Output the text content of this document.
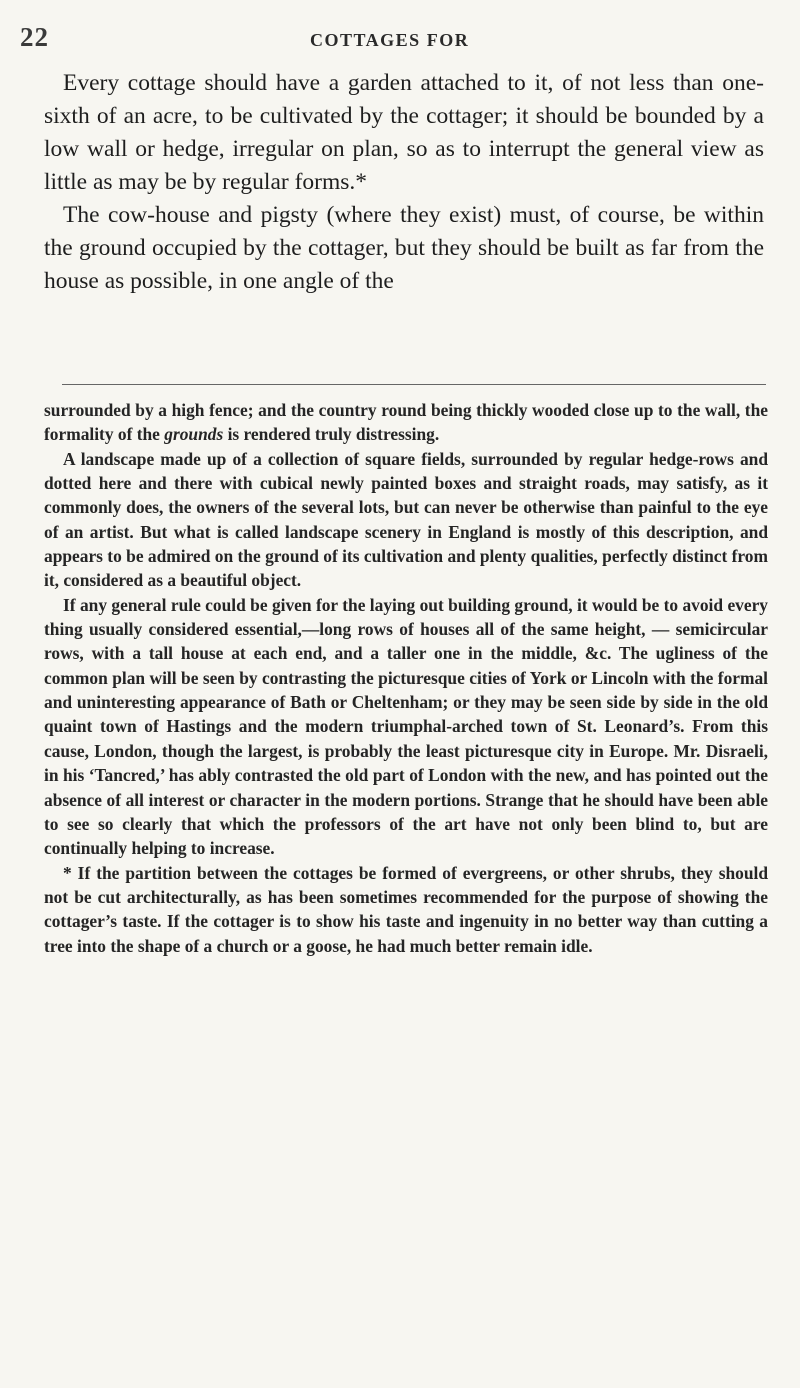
22	COTTAGES FOR

Every cottage should have a garden attached to it, of not less than one-sixth of an acre, to be cultivated by the cottager; it should be bounded by a low wall or hedge, irregular on plan, so as to interrupt the general view as little as may be by regular forms.*

The cow-house and pigsty (where they exist) must, of course, be within the ground occupied by the cottager, but they should be built as far from the house as possible, in one angle of the

surrounded by a high fence; and the country round being thickly wooded close up to the wall, the formality of the grounds is rendered truly distressing.

A landscape made up of a collection of square fields, surrounded by regular hedge-rows and dotted here and there with cubical newly painted boxes and straight roads, may satisfy, as it commonly does, the owners of the several lots, but can never be otherwise than painful to the eye of an artist. But what is called landscape scenery in England is mostly of this description, and appears to be admired on the ground of its cultivation and plenty qualities, perfectly distinct from it, considered as a beautiful object.

If any general rule could be given for the laying out building ground, it would be to avoid every thing usually considered essential,—long rows of houses all of the same height, — semicircular rows, with a tall house at each end, and a taller one in the middle, &c. The ugliness of the common plan will be seen by contrasting the picturesque cities of York or Lincoln with the formal and uninteresting appearance of Bath or Cheltenham; or they may be seen side by side in the old quaint town of Hastings and the modern triumphal-arched town of St. Leonard’s. From this cause, London, though the largest, is probably the least picturesque city in Europe. Mr. Disraeli, in his ‘Tancred,’ has ably contrasted the old part of London with the new, and has pointed out the absence of all interest or character in the modern portions. Strange that he should have been able to see so clearly that which the professors of the art have not only been blind to, but are continually helping to increase.

* If the partition between the cottages be formed of evergreens, or other shrubs, they should not be cut architecturally, as has been sometimes recommended for the purpose of showing the cottager’s taste. If the cottager is to show his taste and ingenuity in no better way than cutting a tree into the shape of a church or a goose, he had much better remain idle.
